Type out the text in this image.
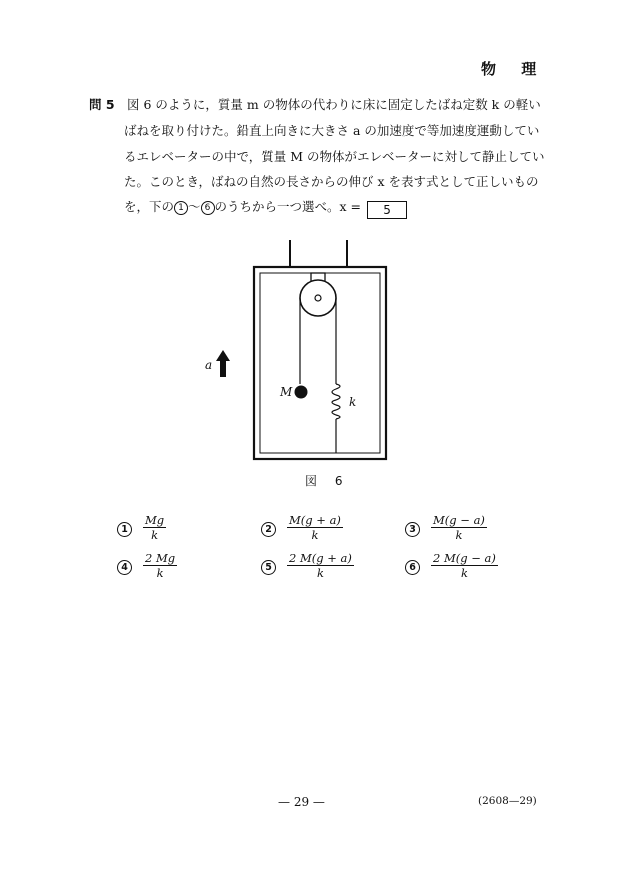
物 理
問 5 図 6 のように，質量 m の物体の代わりに床に固定したばね定数 k の軽い
ばねを取り付けた。鉛直上向きに大きさ a の加速度で等加速度運動してい
るエレベーターの中で，質量 M の物体がエレベーターに対して静止してい
た。このとき，ばねの自然の長さからの伸び x を表す式として正しいもの
を，下の 1 ～ 6 のうちから一つ選べ。x = 5
a
M
k
図 6
1	$\frac{Mg}{k}$	2	$\frac{M(g + a)}{k}$	3	$\frac{M(g - a)}{k}$
4	$\frac{2 Mg}{k}$	5	$\frac{2 M(g + a)}{k}$	6	$\frac{2 M(g - a)}{k}$
— 29 —	(2608—29)
